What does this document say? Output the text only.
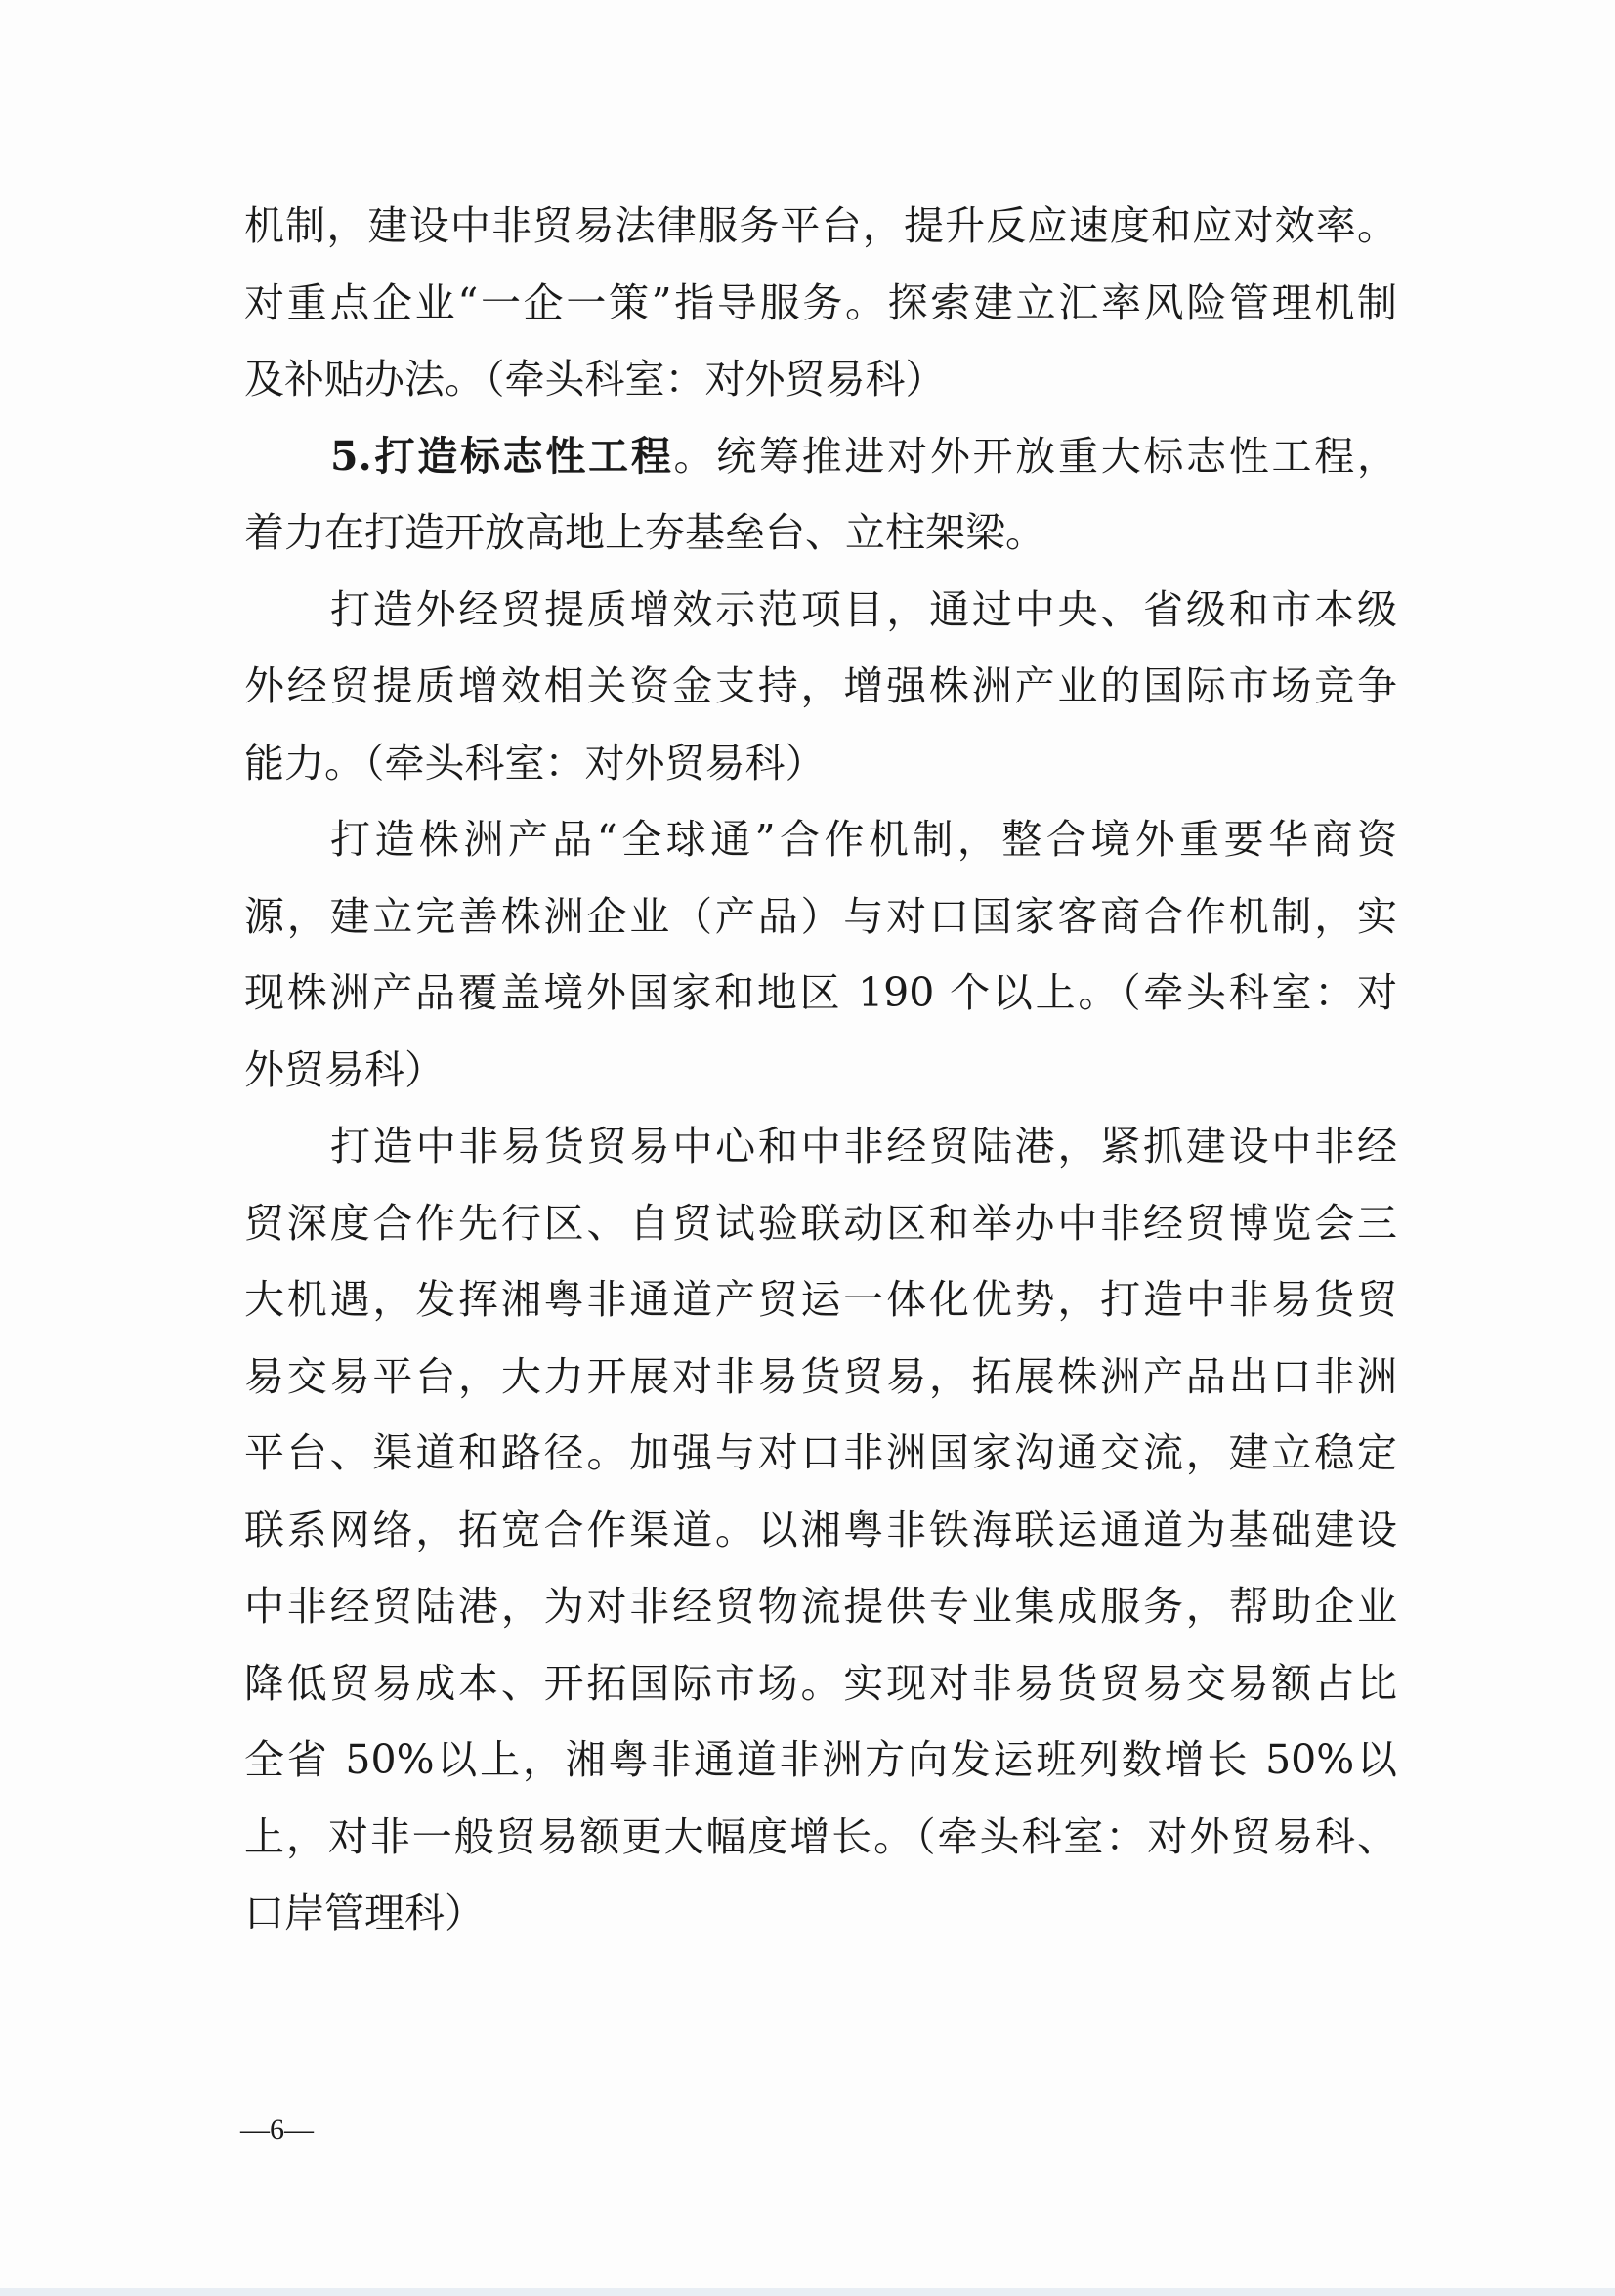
机制，建设中非贸易法律服务平台，提升反应速度和应对效率。
对重点企业“一企一策”指导服务。探索建立汇率风险管理机制
及补贴办法。（牵头科室：对外贸易科）
5.打造标志性工程。统筹推进对外开放重大标志性工程，
着力在打造开放高地上夯基垒台、立柱架梁。
打造外经贸提质增效示范项目，通过中央、省级和市本级
外经贸提质增效相关资金支持，增强株洲产业的国际市场竞争
能力。（牵头科室：对外贸易科）
打造株洲产品“全球通”合作机制，整合境外重要华商资
源，建立完善株洲企业（产品）与对口国家客商合作机制，实
现株洲产品覆盖境外国家和地区 190 个以上。（牵头科室：对
外贸易科）
打造中非易货贸易中心和中非经贸陆港，紧抓建设中非经
贸深度合作先行区、自贸试验联动区和举办中非经贸博览会三
大机遇，发挥湘粤非通道产贸运一体化优势，打造中非易货贸
易交易平台，大力开展对非易货贸易，拓展株洲产品出口非洲
平台、渠道和路径。加强与对口非洲国家沟通交流，建立稳定
联系网络，拓宽合作渠道。以湘粤非铁海联运通道为基础建设
中非经贸陆港，为对非经贸物流提供专业集成服务，帮助企业
降低贸易成本、开拓国际市场。实现对非易货贸易交易额占比
全省 50%以上，湘粤非通道非洲方向发运班列数增长 50%以
上，对非一般贸易额更大幅度增长。（牵头科室：对外贸易科、
口岸管理科）
—6—
